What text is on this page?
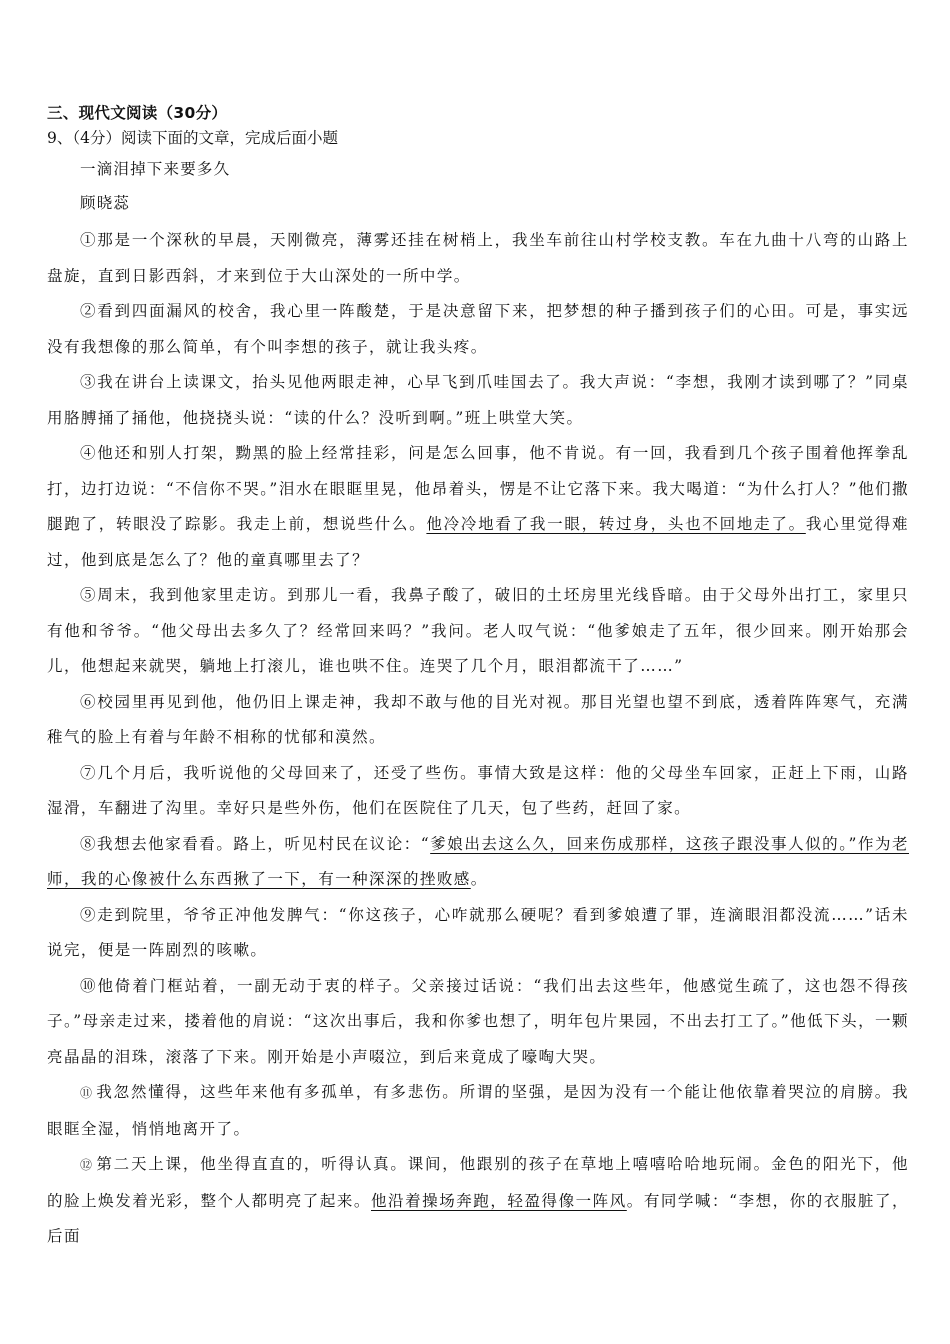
三、现代文阅读（30分）
9、（4分）阅读下面的文章，完成后面小题
一滴泪掉下来要多久
顾晓蕊

①那是一个深秋的早晨，天刚微亮，薄雾还挂在树梢上，我坐车前往山村学校支教。车在九曲十八弯的山路上盘旋，直到日影西斜，才来到位于大山深处的一所中学。

②看到四面漏风的校舍，我心里一阵酸楚，于是决意留下来，把梦想的种子播到孩子们的心田。可是，事实远没有我想像的那么简单，有个叫李想的孩子，就让我头疼。

③我在讲台上读课文，抬头见他两眼走神，心早飞到爪哇国去了。我大声说：“李想，我刚才读到哪了？”同桌用胳膊捅了捅他，他挠挠头说：“读的什么？没听到啊。”班上哄堂大笑。

④他还和别人打架，黝黑的脸上经常挂彩，问是怎么回事，他不肯说。有一回，我看到几个孩子围着他挥拳乱打，边打边说：“不信你不哭。”泪水在眼眶里晃，他昂着头，愣是不让它落下来。我大喝道：“为什么打人？”他们撒腿跑了，转眼没了踪影。我走上前，想说些什么。他冷冷地看了我一眼，转过身，头也不回地走了。我心里觉得难过，他到底是怎么了？他的童真哪里去了？

⑤周末，我到他家里走访。到那儿一看，我鼻子酸了，破旧的土坯房里光线昏暗。由于父母外出打工，家里只有他和爷爷。“他父母出去多久了？经常回来吗？”我问。老人叹气说：“他爹娘走了五年，很少回来。刚开始那会儿，他想起来就哭，躺地上打滚儿，谁也哄不住。连哭了几个月，眼泪都流干了……”

⑥校园里再见到他，他仍旧上课走神，我却不敢与他的目光对视。那目光望也望不到底，透着阵阵寒气，充满稚气的脸上有着与年龄不相称的忧郁和漠然。

⑦几个月后，我听说他的父母回来了，还受了些伤。事情大致是这样：他的父母坐车回家，正赶上下雨，山路湿滑，车翻进了沟里。幸好只是些外伤，他们在医院住了几天，包了些药，赶回了家。

⑧我想去他家看看。路上，听见村民在议论：“爹娘出去这么久，回来伤成那样，这孩子跟没事人似的。”作为老师，我的心像被什么东西揪了一下，有一种深深的挫败感。

⑨走到院里，爷爷正冲他发脾气：“你这孩子，心咋就那么硬呢？看到爹娘遭了罪，连滴眼泪都没流……”话未说完，便是一阵剧烈的咳嗽。

⑩他倚着门框站着，一副无动于衷的样子。父亲接过话说：“我们出去这些年，他感觉生疏了，这也怨不得孩子。”母亲走过来，搂着他的肩说：“这次出事后，我和你爹也想了，明年包片果园，不出去打工了。”他低下头，一颗亮晶晶的泪珠，滚落了下来。刚开始是小声啜泣，到后来竟成了嚎啕大哭。

⑪ 我忽然懂得，这些年来他有多孤单，有多悲伤。所谓的坚强，是因为没有一个能让他依靠着哭泣的肩膀。我眼眶全湿，悄悄地离开了。

⑫ 第二天上课，他坐得直直的，听得认真。课间，他跟别的孩子在草地上嘻嘻哈哈地玩闹。金色的阳光下，他的脸上焕发着光彩，整个人都明亮了起来。他沿着操场奔跑，轻盈得像一阵风。有同学喊：“李想，你的衣服脏了，后面
